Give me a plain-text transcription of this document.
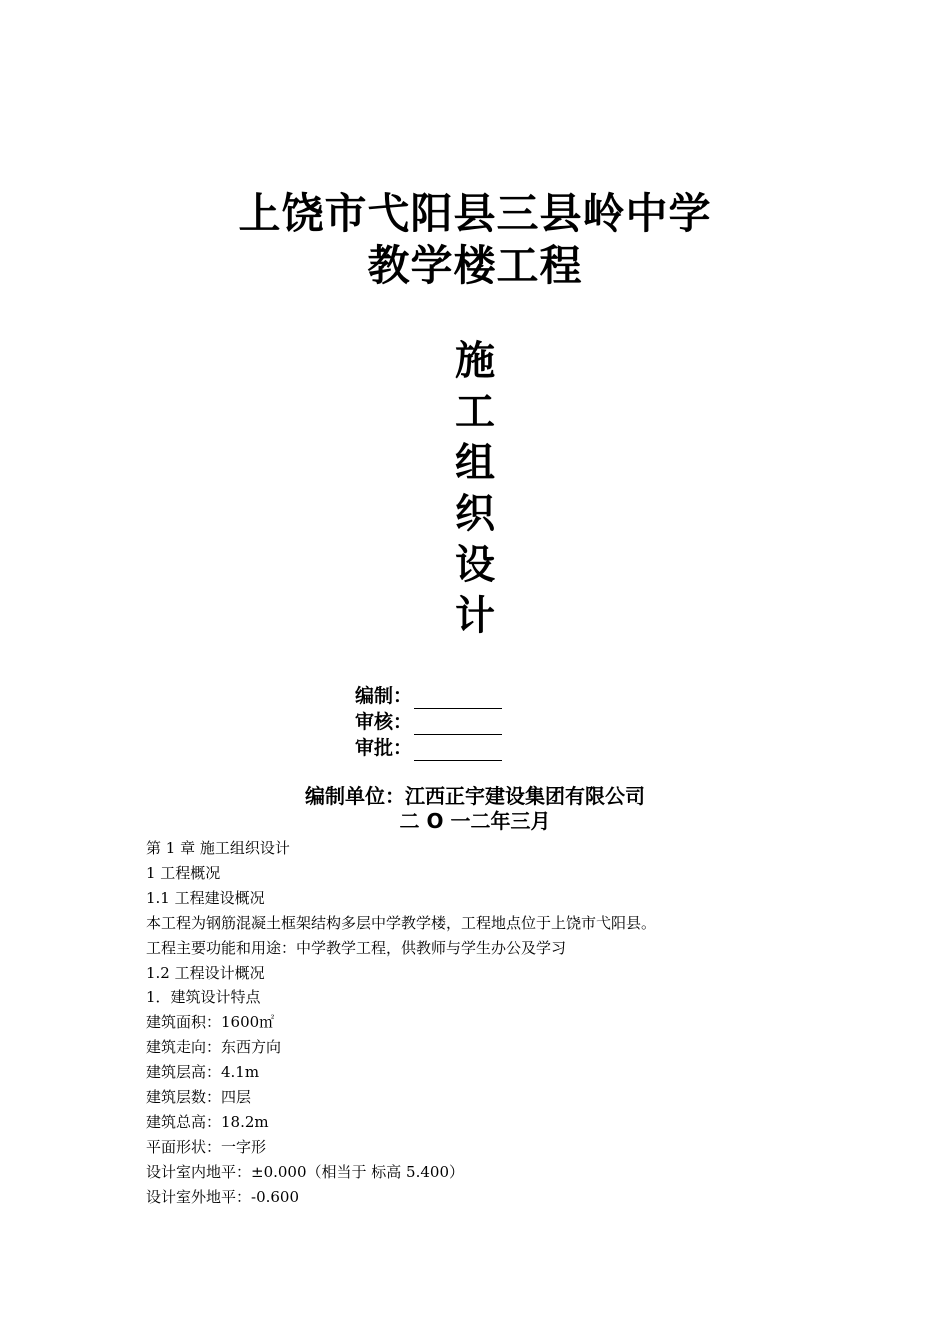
上饶市弋阳县三县岭中学
教学楼工程
施
工
组
织
设
计
编制：
审核：
审批：
编制单位：江西正宇建设集团有限公司
二 O 一二年三月

第 1 章 施工组织设计

1 工程概况

1.1 工程建设概况

本工程为钢筋混凝土框架结构多层中学教学楼，工程地点位于上饶市弋阳县。

工程主要功能和用途：中学教学工程，供教师与学生办公及学习

1.2 工程设计概况

1．建筑设计特点

建筑面积：1600㎡

建筑走向：东西方向

建筑层高：4.1m

建筑层数：四层

建筑总高：18.2m

平面形状：一字形

设计室内地平：±0.000（相当于 标高 5.400）

设计室外地平：-0.600
